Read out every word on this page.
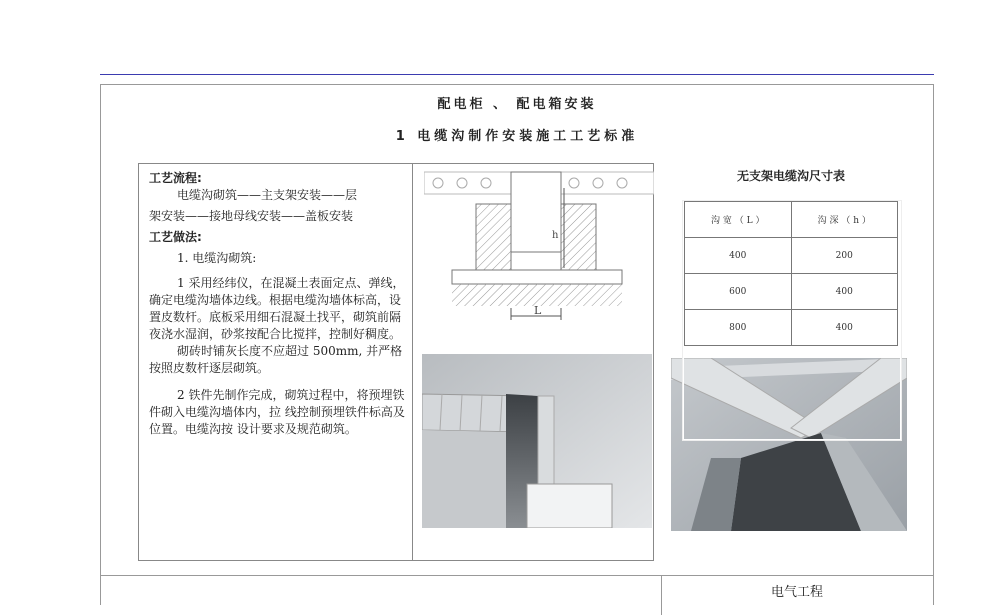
配电柜 、 配电箱安装
1 电缆沟制作安装施工工艺标准

工艺流程:

电缆沟砌筑——主支架安装——层

架安装——接地母线安装——盖板安装

工艺做法:

1. 电缆沟砌筑:

1 采用经纬仪，在混凝土表面定点、弹线，确定电缆沟墙体边线。根据电缆沟墙体标高，设置皮数杆。底板采用细石混凝土找平，砌筑前隔夜浇水湿润，砂浆按配合比搅拌，控制好稠度。

砌砖时铺灰长度不应超过 500mm, 并严格 按照皮数杆逐层砌筑。

2 铁件先制作完成，砌筑过程中，将预埋铁件砌入电缆沟墙体内，拉 线控制预埋铁件标高及位置。电缆沟按 设计要求及规范砌筑。

h
L
无支架电缆沟尺寸表
沟 宽 （ L ）	沟 深 （ h ）
400	200
600	400
800	400
电气工程
